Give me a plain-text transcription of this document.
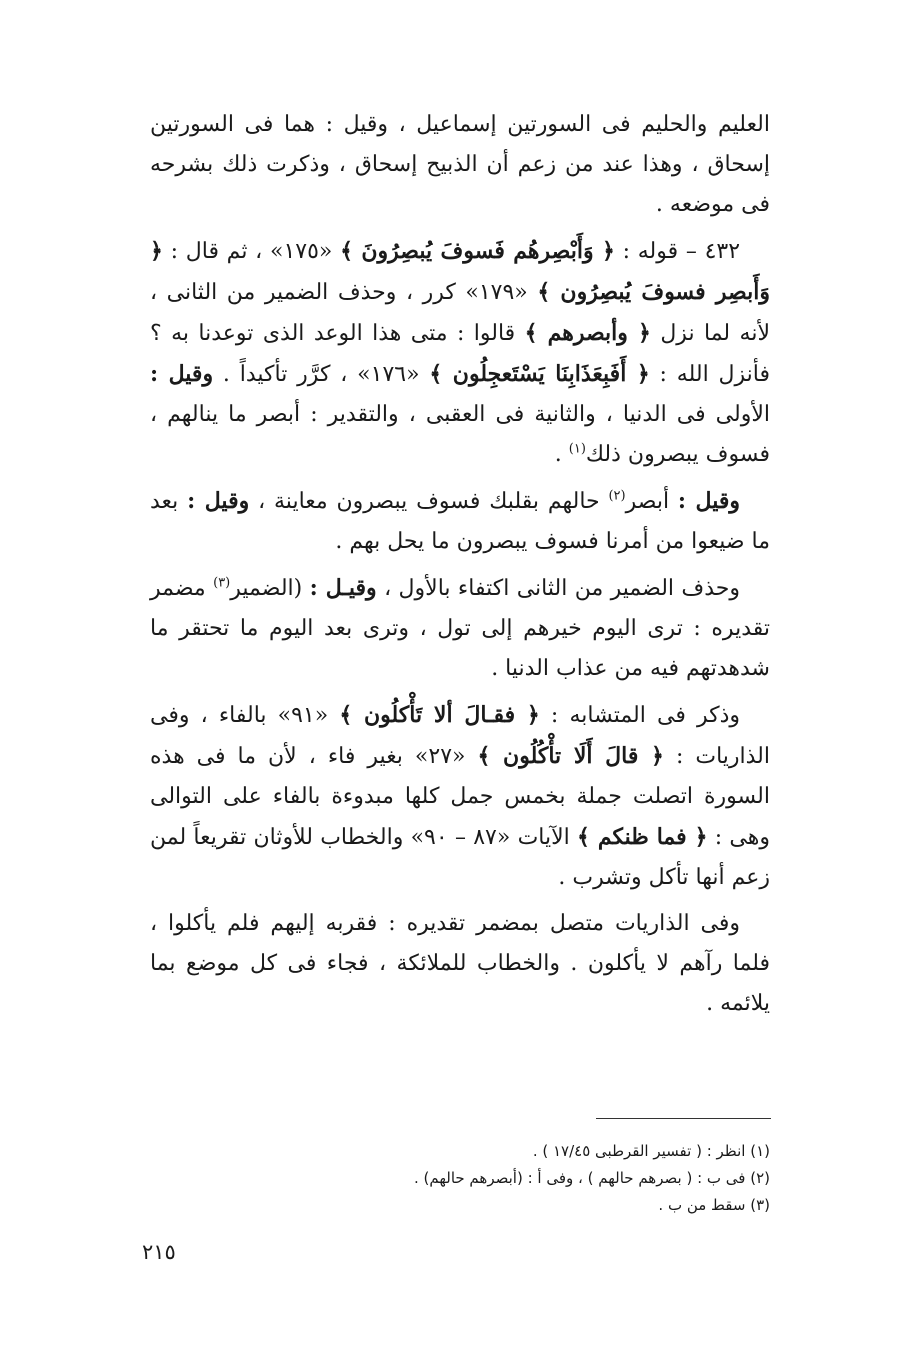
العليم والحليم فى السورتين إسماعيل ، وقيل : هما فى السورتين إسحاق ، وهذا عند من زعم أن الذبيح إسحاق ، وذكرت ذلك بشرحه فى موضعه .

٤٣٢ – قوله : ﴿ وَأَبْصِرهُم فَسوفَ يُبصِرُونَ ﴾ «١٧٥» ، ثم قال : ﴿ وَأَبصِر فسوفَ يُبصِرُون ﴾ «١٧٩» كرر ، وحذف الضمير من الثانى ، لأنه لما نزل ﴿ وأبصرهم ﴾ قالوا : متى هذا الوعد الذى توعدنا به ؟ فأنزل الله : ﴿ أَفَبِعَذَابِنَا يَسْتَعجِلُون ﴾ «١٧٦» ، كرَّر تأكيداً . وقيل : الأولى فى الدنيا ، والثانية فى العقبى ، والتقدير : أبصر ما ينالهم ، فسوف يبصرون ذلك$^{(١)}$ .

وقيل : أبصر$^{(٢)}$ حالهم بقلبك فسوف يبصرون معاينة ، وقيل : بعد ما ضيعوا من أمرنا فسوف يبصرون ما يحل بهم .

وحذف الضمير من الثانى اكتفاء بالأول ، وقيـل : (الضمير$^{(٣)}$ مضمر تقديره : ترى اليوم خيرهم إلى تول ، وترى بعد اليوم ما تحتقر ما شدهدتهم فيه من عذاب الدنيا .

وذكر فى المتشابه : ﴿ فقـالَ ألا تَأْكلُون ﴾ «٩١» بالفاء ، وفى الذاريات : ﴿ قالَ أَلَا تأْكُلُون ﴾ «٢٧» بغير فاء ، لأن ما فى هذه السورة اتصلت جملة بخمس جمل كلها مبدوءة بالفاء على التوالى وهى : ﴿ فما ظنكم ﴾ الآيات «٨٧ – ٩٠» والخطاب للأوثان تقريعاً لمن زعم أنها تأكل وتشرب .

وفى الذاريات متصل بمضمر تقديره : فقربه إليهم فلم يأكلوا ، فلما رآهم لا يأكلون . والخطاب للملائكة ، فجاء فى كل موضع بما يلائمه .

(١) انظر : ( تفسير القرطبى ١٧/٤٥ ) .

(٢) فى ب : ( بصرهم حالهم ) ، وفى أ : (أبصرهم حالهم) .

(٣) سقط من ب .

٢١٥
